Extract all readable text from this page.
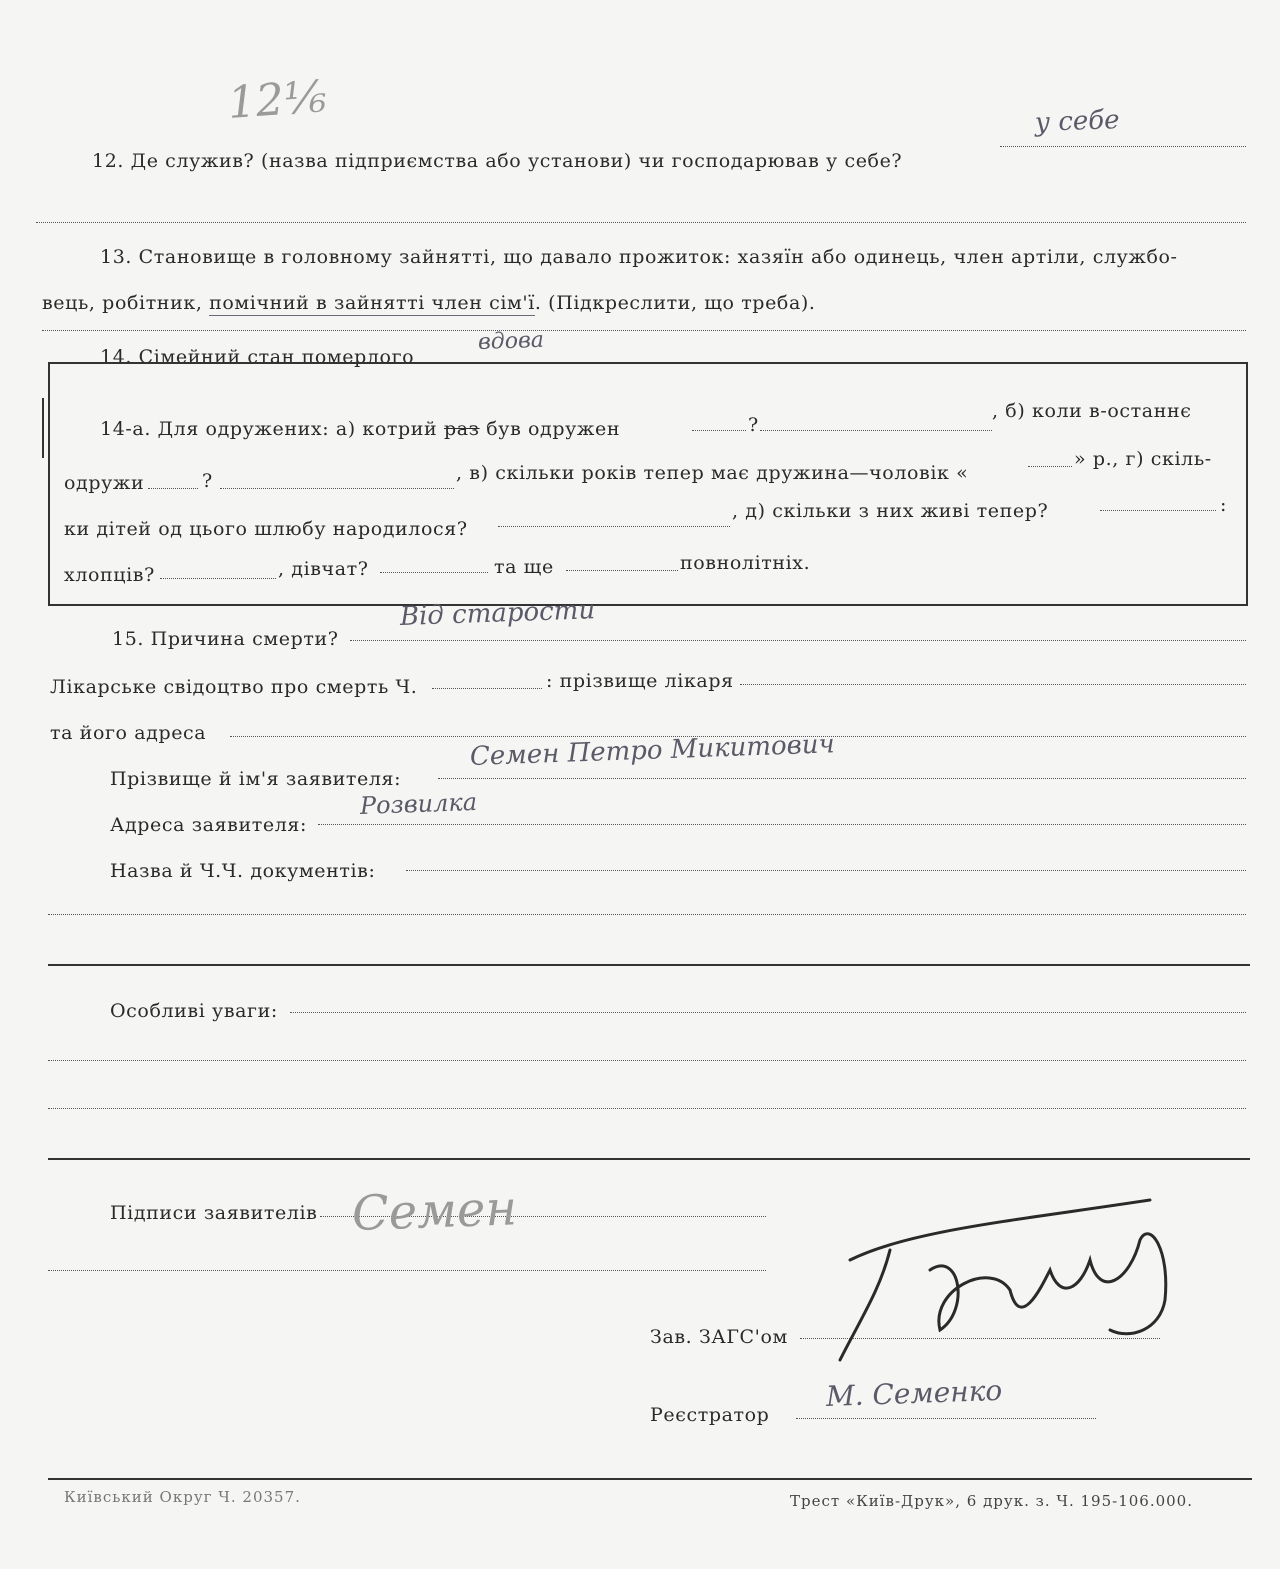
12¹⁄₆
12. Де служив? (назва підприємства або установи) чи господарював у себе?
у себе
13. Становище в головному зайнятті, що давало прожиток: хазяїн або одинець, член артіли, службо-
вець, робітник, помічний в зайнятті член сім'ї. (Підкреслити, що треба).
14. Сімейний стан померлого
вдова
14-а. Для одружених: а) котрий раз був одружен	?
, б) коли в-останнє
одружи	?	, в) скільки років тепер має дружина—чоловік «
» р., г) скіль-
ки дітей од цього шлюбу народилося?
, д) скільки з них живі тепер?	:
хлопців?	, дівчат?	та ще	повнолітніх.
15. Причина смерти?
Від старости
Лікарське свідоцтво про смерть Ч.	: прізвище лікаря
та його адреса
Прізвище й ім'я заявителя:
Семен Петро Микитович
Адреса заявителя:
Розвилка
Назва й Ч.Ч. документів:
Особливі уваги:
Підписи заявителів Семен
Зав. ЗАГС'ом
Реєстратор
М. Семенко
Київський Округ Ч. 20357.	Трест «Київ-Друк», 6 друк. з. Ч. 195-106.000.
